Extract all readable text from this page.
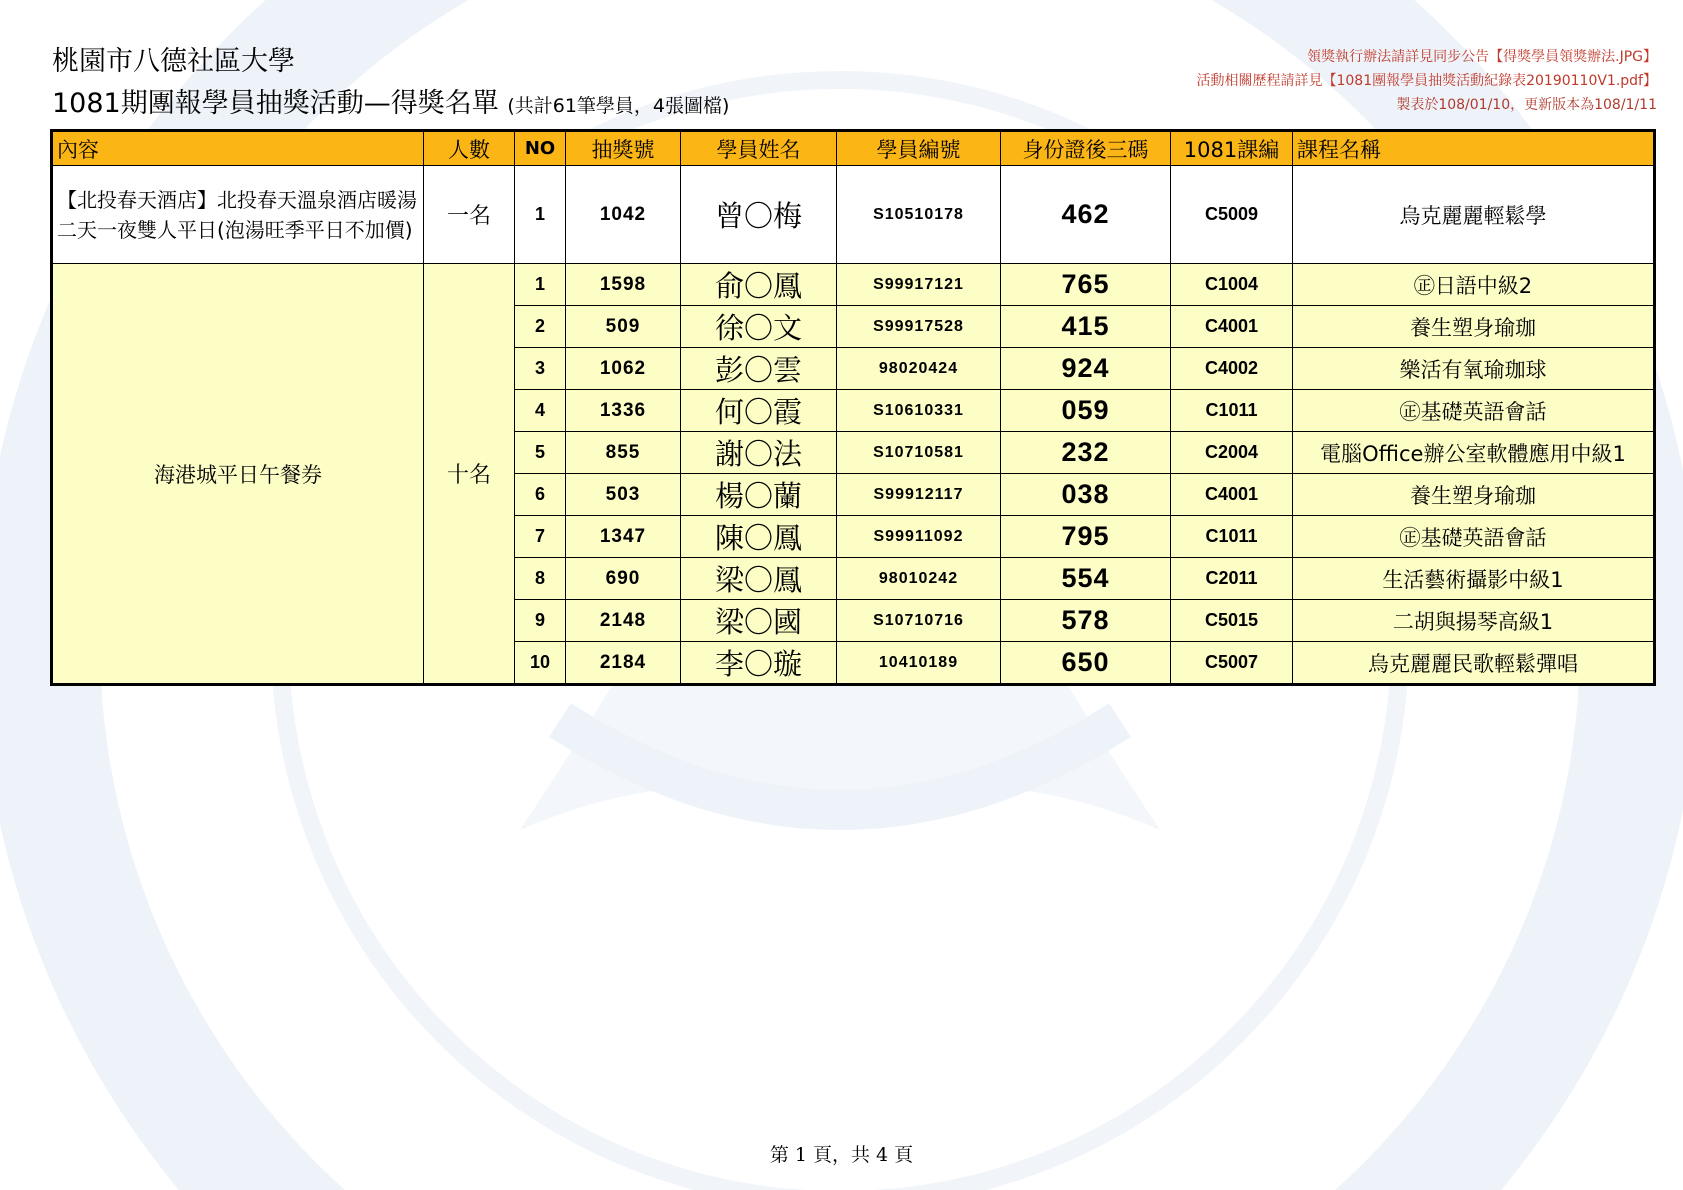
桃園市八德社區大學
1081期團報學員抽獎活動—得獎名單 (共計61筆學員，4張圖檔)
領獎執行辦法請詳見同步公告【得獎學員領獎辦法.JPG】
活動相關歷程請詳見【1081團報學員抽獎活動紀錄表20190110V1.pdf】
製表於108/01/10，更新版本為108/1/11
內容	人數	NO	抽獎號	學員姓名	學員編號	身份證後三碼	1081課編	課程名稱
【北投春天酒店】北投春天溫泉酒店暖湯二天一夜雙人平日(泡湯旺季平日不加價)	一名	1	1042	曾〇梅	S10510178	462	C5009	烏克麗麗輕鬆學
海港城平日午餐券	十名	1	1598	俞〇鳳	S99917121	765	C1004	㊣日語中級2
		2	509	徐〇文	S99917528	415	C4001	養生塑身瑜珈
		3	1062	彭〇雲	98020424	924	C4002	樂活有氧瑜珈球
		4	1336	何〇霞	S10610331	059	C1011	㊣基礎英語會話
		5	855	謝〇法	S10710581	232	C2004	電腦Office辦公室軟體應用中級1
		6	503	楊〇蘭	S99912117	038	C4001	養生塑身瑜珈
		7	1347	陳〇鳳	S99911092	795	C1011	㊣基礎英語會話
		8	690	梁〇鳳	98010242	554	C2011	生活藝術攝影中級1
		9	2148	梁〇國	S10710716	578	C5015	二胡與揚琴高級1
		10	2184	李〇璇	10410189	650	C5007	烏克麗麗民歌輕鬆彈唱
第 1 頁，共 4 頁
